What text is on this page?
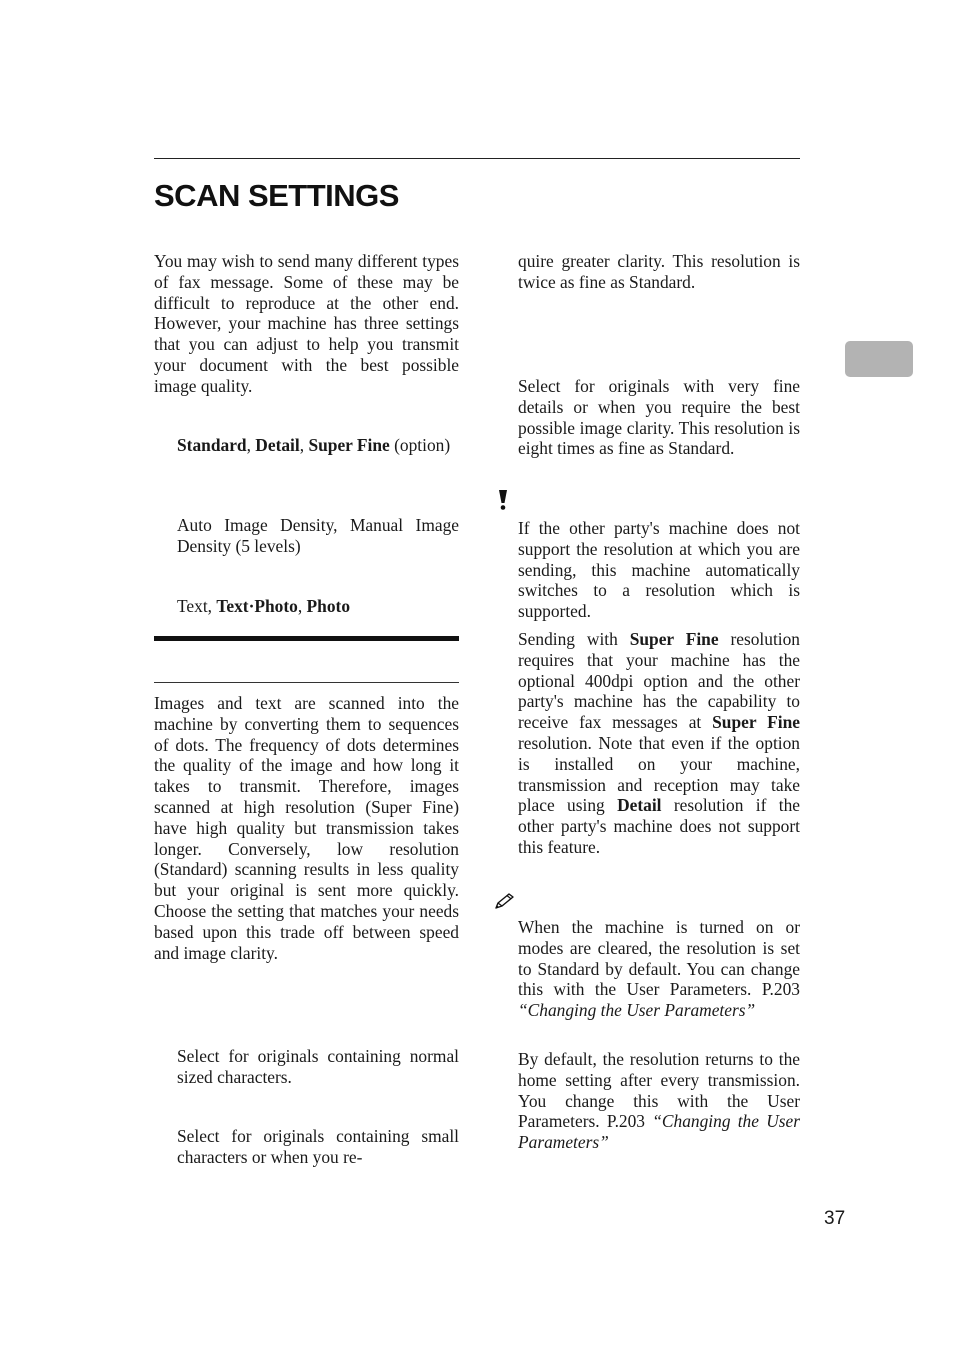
SCAN SETTINGS

You may wish to send many different types of fax message. Some of these may be difficult to reproduce at the other end. However, your machine has three settings that you can adjust to help you transmit your document with the best possible image quality.

Standard, Detail, Super Fine (option)

Auto Image Density, Manual Image Density (5 levels)

Text, Text·Photo, Photo

Images and text are scanned into the machine by converting them to sequences of dots. The frequency of dots determines the quality of the image and how long it takes to transmit. Therefore, images scanned at high resolution (Super Fine) have high quality but transmission takes longer. Conversely, low resolution (Standard) scanning results in less quality but your original is sent more quickly. Choose the setting that matches your needs based upon this trade off between speed and image clarity.

Select for originals containing normal sized characters.

Select for originals containing small characters or when you re-

quire greater clarity. This resolution is twice as fine as Standard.

Select for originals with very fine details or when you require the best possible image clarity. This resolution is eight times as fine as Standard.

If the other party's machine does not support the resolution at which you are sending, this machine automatically switches to a resolution which is supported.

Sending with Super Fine resolution requires that your machine has the optional 400dpi option and the other party's machine has the capability to receive fax messages at Super Fine resolution. Note that even if the option is installed on your machine, transmission and reception may take place using Detail resolution if the other party's machine does not support this feature.

When the machine is turned on or modes are cleared, the resolution is set to Standard by default. You can change this with the User Parameters. P.203 “Changing the User Parameters”

By default, the resolution returns to the home setting after every transmission. You change this with the User Parameters. P.203 “Changing the User Parameters”

37
